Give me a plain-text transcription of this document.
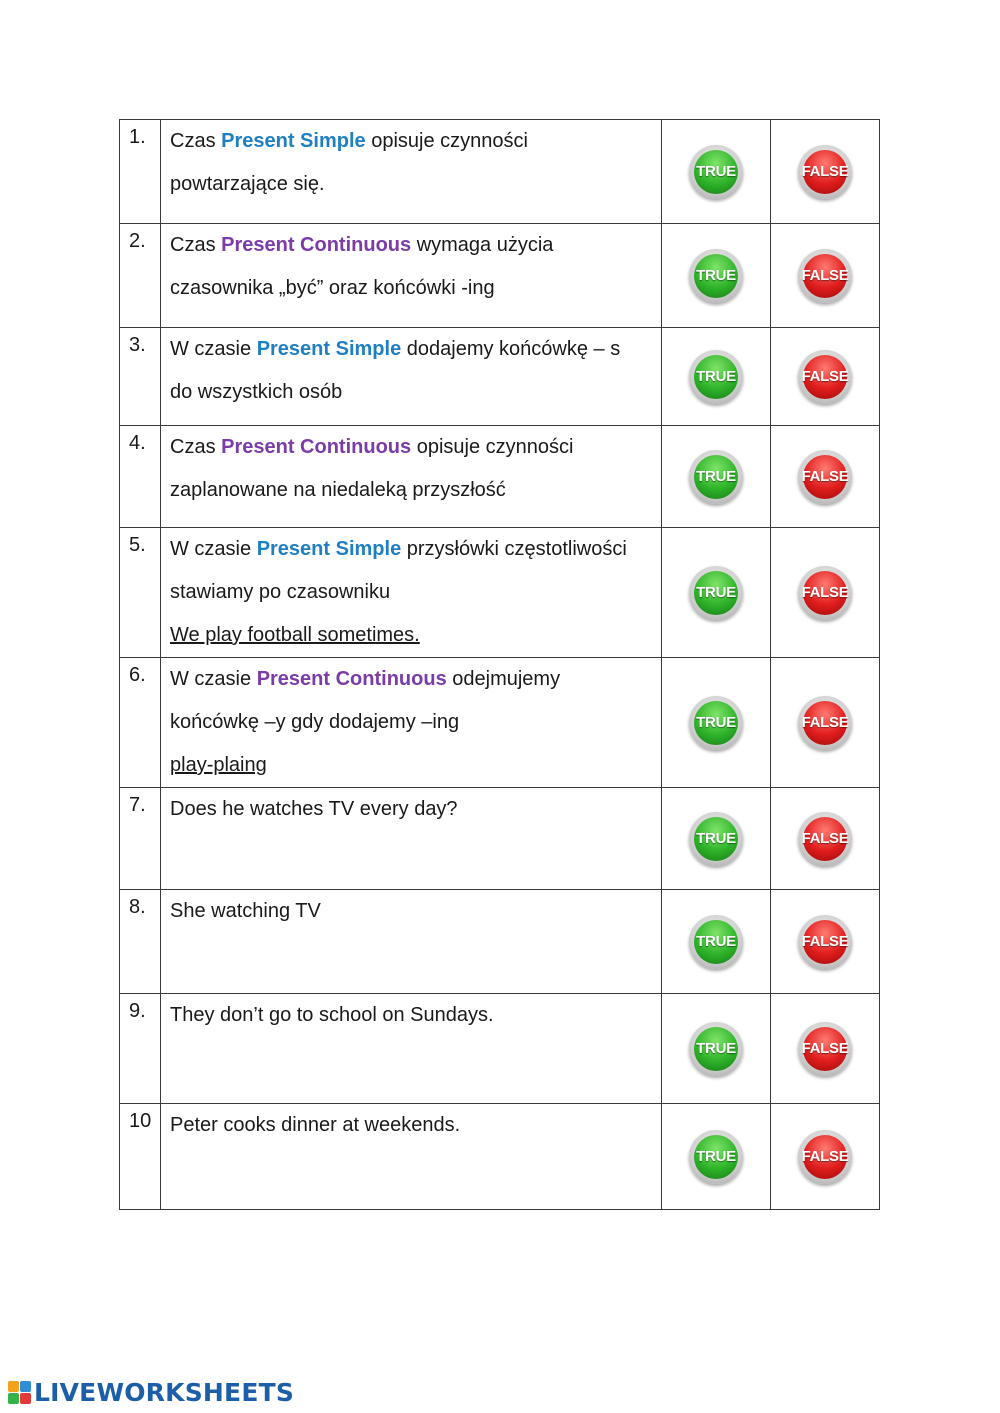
1.	Czas Present Simple opisuje czynności
powtarzające się.	TRUE	FALSE

2.	Czas Present Continuous wymaga użycia
czasownika „być” oraz końcówki -ing	TRUE	FALSE

3.	W czasie Present Simple dodajemy końcówkę – s
do wszystkich osób	TRUE	FALSE

4.	Czas Present Continuous opisuje czynności
zaplanowane na niedaleką przyszłość	TRUE	FALSE

5.	W czasie Present Simple przysłówki częstotliwości
stawiamy po czasowniku
We play football sometimes.	TRUE	FALSE

6.	W czasie Present Continuous odejmujemy
końcówkę –y gdy dodajemy –ing
play-plaing	TRUE	FALSE

7.	Does he watches TV every day?	TRUE	FALSE

8.	She watching TV	TRUE	FALSE

9.	They don’t go to school on Sundays.	TRUE	FALSE

10	Peter cooks dinner at weekends.	TRUE	FALSE
LIVEWORKSHEETS
